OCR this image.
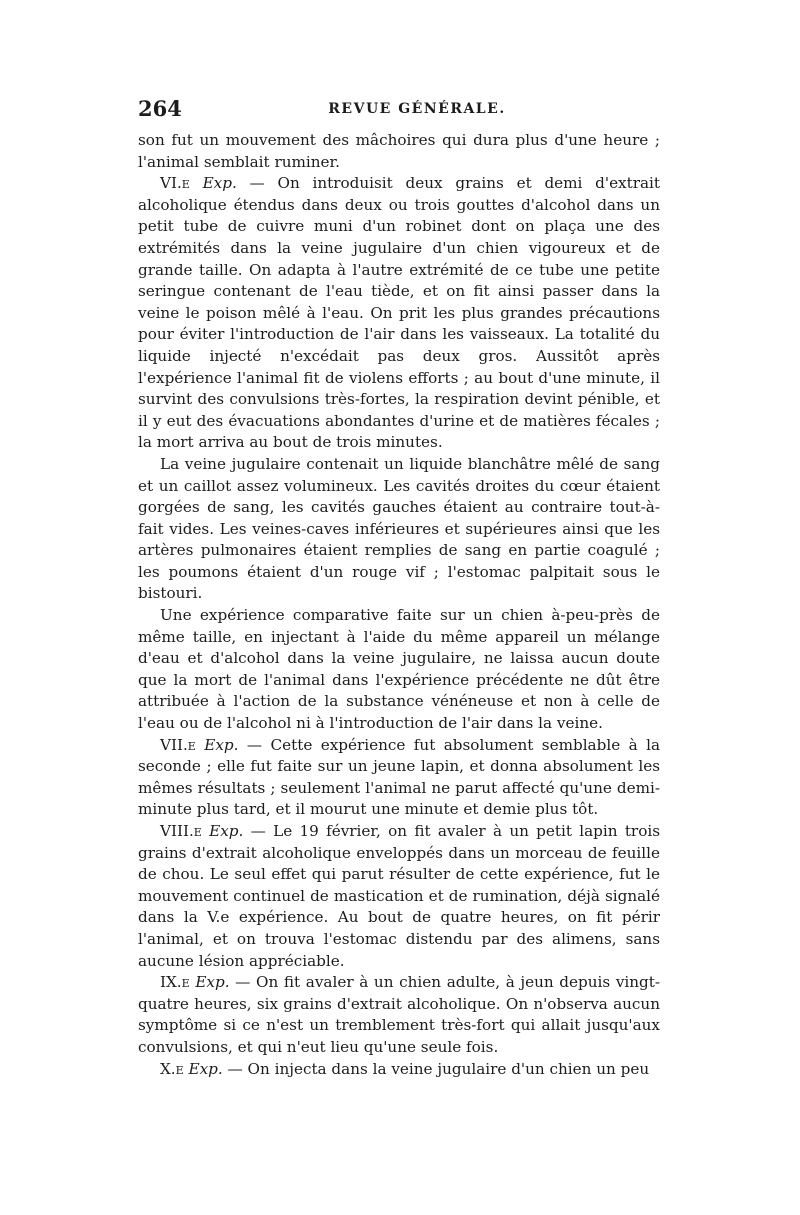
264	REVUE GÉNÉRALE.

son fut un mouvement des mâchoires qui dura plus d'une heure ; l'animal semblait ruminer.

VI.e Exp. — On introduisit deux grains et demi d'extrait alcoholique étendus dans deux ou trois gouttes d'alcohol dans un petit tube de cuivre muni d'un robinet dont on plaça une des extrémités dans la veine jugulaire d'un chien vigoureux et de grande taille. On adapta à l'autre extrémité de ce tube une petite seringue contenant de l'eau tiède, et on fit ainsi passer dans la veine le poison mêlé à l'eau. On prit les plus grandes précautions pour éviter l'introduction de l'air dans les vaisseaux. La totalité du liquide injecté n'excédait pas deux gros. Aussitôt après l'expérience l'animal fit de violens efforts ; au bout d'une minute, il survint des convulsions très-fortes, la respiration devint pénible, et il y eut des évacuations abondantes d'urine et de matières fécales ; la mort arriva au bout de trois minutes.

La veine jugulaire contenait un liquide blanchâtre mêlé de sang et un caillot assez volumineux. Les cavités droites du cœur étaient gorgées de sang, les cavités gauches étaient au contraire tout-à-fait vides. Les veines-caves inférieures et supérieures ainsi que les artères pulmonaires étaient remplies de sang en partie coagulé ; les poumons étaient d'un rouge vif ; l'estomac palpitait sous le bistouri.

Une expérience comparative faite sur un chien à-peu-près de même taille, en injectant à l'aide du même appareil un mélange d'eau et d'alcohol dans la veine jugulaire, ne laissa aucun doute que la mort de l'animal dans l'expérience précédente ne dût être attribuée à l'action de la substance vénéneuse et non à celle de l'eau ou de l'alcohol ni à l'introduction de l'air dans la veine.

VII.e Exp. — Cette expérience fut absolument semblable à la seconde ; elle fut faite sur un jeune lapin, et donna absolument les mêmes résultats ; seulement l'animal ne parut affecté qu'une demi-minute plus tard, et il mourut une minute et demie plus tôt.

VIII.e Exp. — Le 19 février, on fit avaler à un petit lapin trois grains d'extrait alcoholique enveloppés dans un morceau de feuille de chou. Le seul effet qui parut résulter de cette expérience, fut le mouvement continuel de mastication et de rumination, déjà signalé dans la V.e expérience. Au bout de quatre heures, on fit périr l'animal, et on trouva l'estomac distendu par des alimens, sans aucune lésion appréciable.

IX.e Exp. — On fit avaler à un chien adulte, à jeun depuis vingt-quatre heures, six grains d'extrait alcoholique. On n'observa aucun symptôme si ce n'est un tremblement très-fort qui allait jusqu'aux convulsions, et qui n'eut lieu qu'une seule fois.

X.e Exp. — On injecta dans la veine jugulaire d'un chien un peu
